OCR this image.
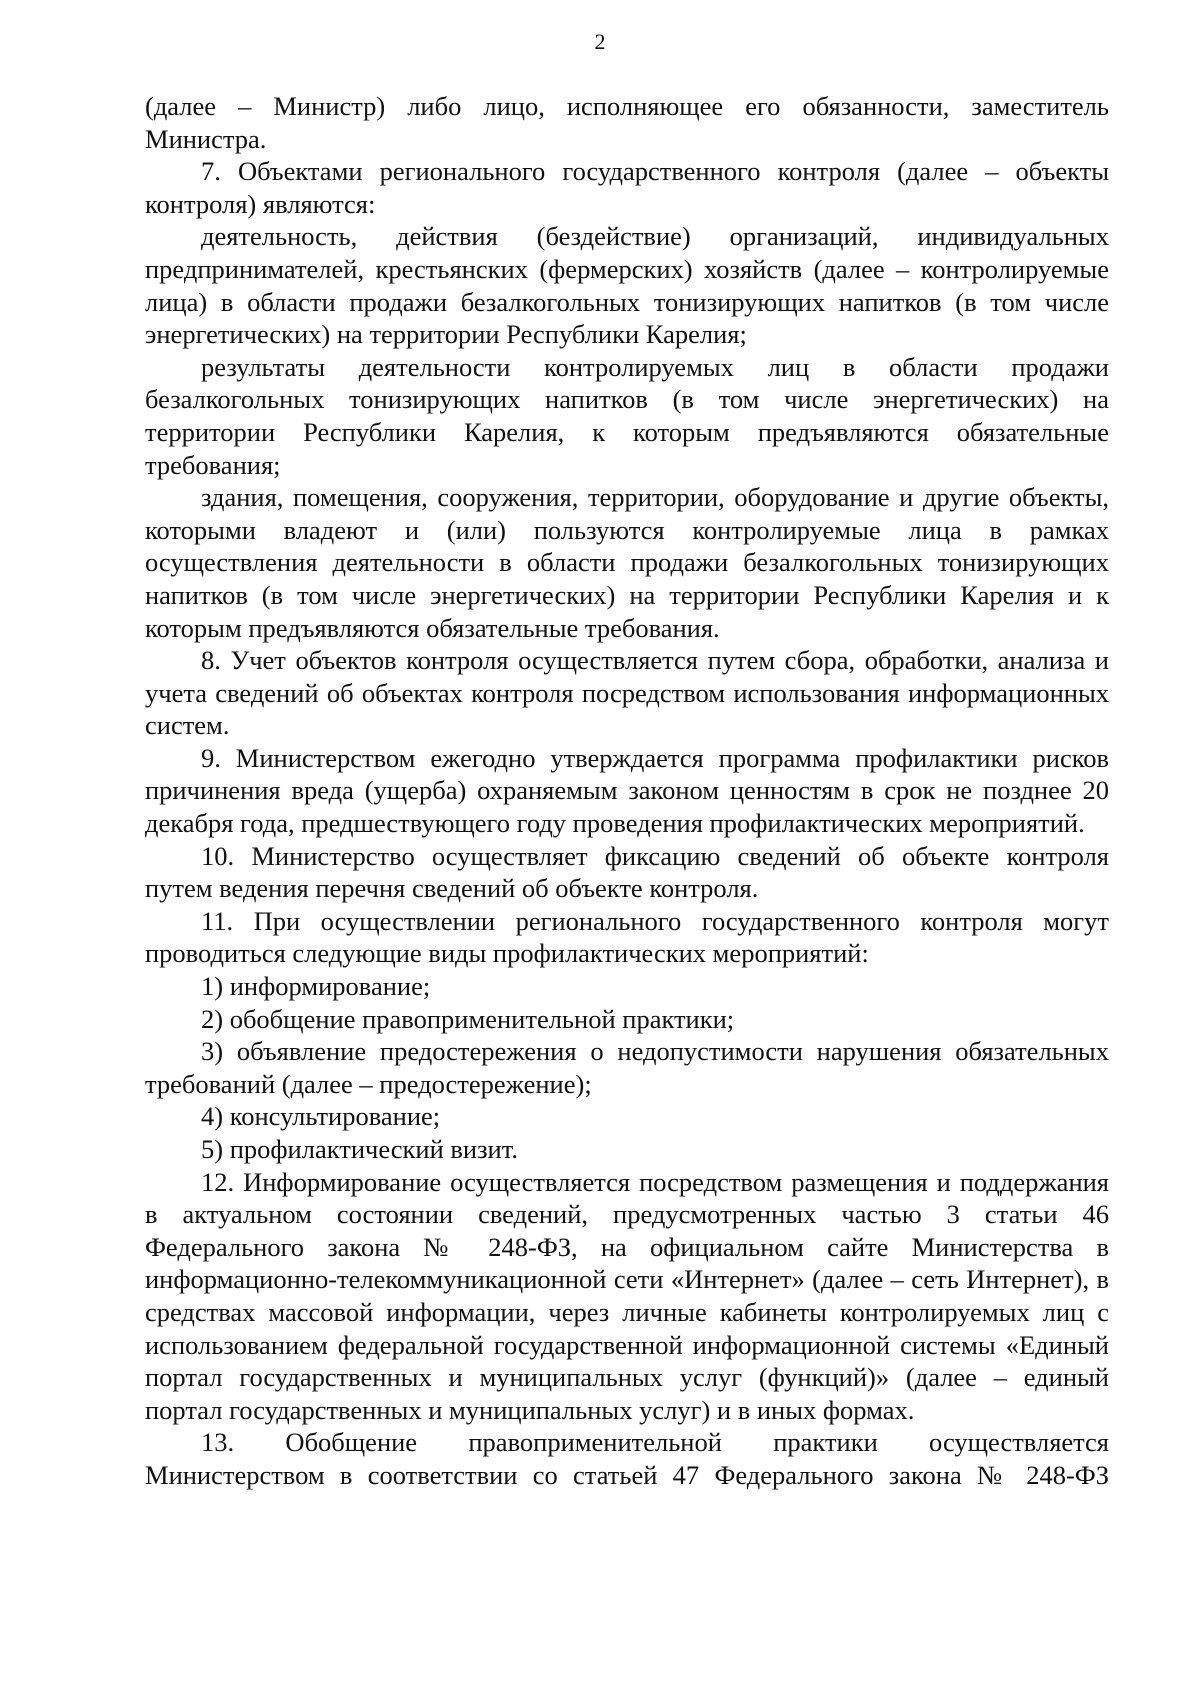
2

(далее – Министр) либо лицо, исполняющее его обязанности, заместитель Министра.

7. Объектами регионального государственного контроля (далее – объекты контроля) являются:

деятельность, действия (бездействие) организаций, индивидуальных предпринимателей, крестьянских (фермерских) хозяйств (далее – контролируемые лица) в области продажи безалкогольных тонизирующих напитков (в том числе энергетических) на территории Республики Карелия;

результаты деятельности контролируемых лиц в области продажи безалкогольных тонизирующих напитков (в том числе энергетических) на территории Республики Карелия, к которым предъявляются обязательные требования;

здания, помещения, сооружения, территории, оборудование и другие объекты, которыми владеют и (или) пользуются контролируемые лица в рамках осуществления деятельности в области продажи безалкогольных тонизирующих напитков (в том числе энергетических) на территории Республики Карелия и к которым предъявляются обязательные требования.

8. Учет объектов контроля осуществляется путем сбора, обработки, анализа и учета сведений об объектах контроля посредством использования информационных систем.

9. Министерством ежегодно утверждается программа профилактики рисков причинения вреда (ущерба) охраняемым законом ценностям в срок не позднее 20 декабря года, предшествующего году проведения профилактических мероприятий.

10. Министерство осуществляет фиксацию сведений об объекте контроля путем ведения перечня сведений об объекте контроля.

11. При осуществлении регионального государственного контроля могут проводиться следующие виды профилактических мероприятий:

1) информирование;

2) обобщение правоприменительной практики;

3) объявление предостережения о недопустимости нарушения обязательных требований (далее – предостережение);

4) консультирование;

5) профилактический визит.

12. Информирование осуществляется посредством размещения и поддержания в актуальном состоянии сведений, предусмотренных частью 3 статьи 46 Федерального закона № 248-ФЗ, на официальном сайте Министерства в информационно-телекоммуникационной сети «Интернет» (далее – сеть Интернет), в средствах массовой информации, через личные кабинеты контролируемых лиц с использованием федеральной государственной информационной системы «Единый портал государственных и муниципальных услуг (функций)» (далее – единый портал государственных и муниципальных услуг) и в иных формах.

13. Обобщение правоприменительной практики осуществляется Министерством в соответствии со статьей 47 Федерального закона № 248-ФЗ
